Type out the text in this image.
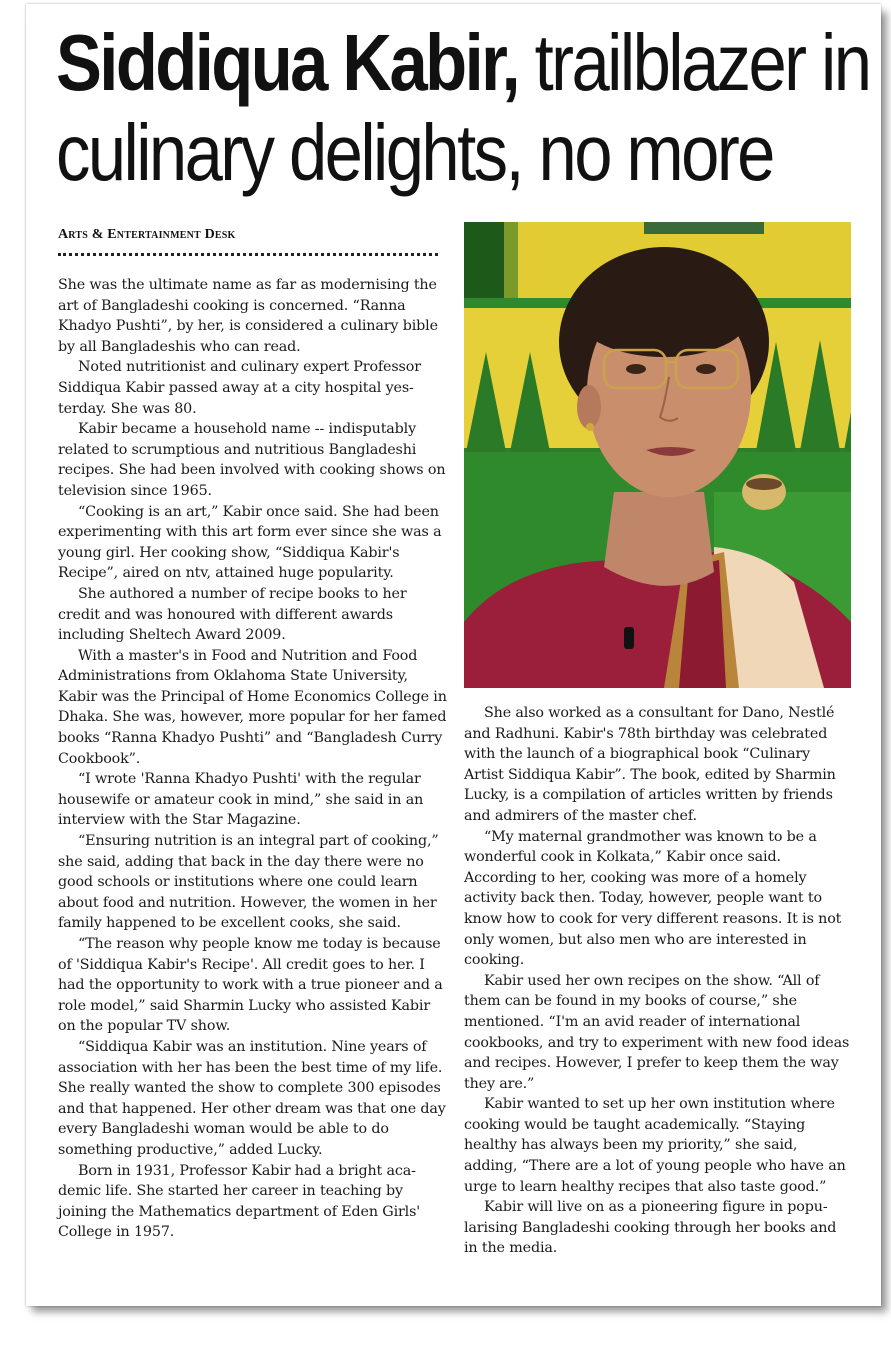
Siddiqua Kabir, trailblazer in culinary delights, no more
Arts & Entertainment Desk

She was the ultimate name as far as modernising the art of Bangladeshi cooking is concerned. “Ranna Khadyo Pushti”, by her, is considered a culinary bible by all Bangladeshis who can read.

Noted nutritionist and culinary expert Professor Siddiqua Kabir passed away at a city hospital yesterday. She was 80.

Kabir became a household name -- indisputably related to scrumptious and nutritious Bangladeshi recipes. She had been involved with cooking shows on television since 1965.

“Cooking is an art,” Kabir once said. She had been experimenting with this art form ever since she was a young girl. Her cooking show, “Siddiqua Kabir's Recipe”, aired on ntv, attained huge popularity.

She authored a number of recipe books to her credit and was honoured with different awards including Sheltech Award 2009.

With a master's in Food and Nutrition and Food Administrations from Oklahoma State University, Kabir was the Principal of Home Economics College in Dhaka. She was, however, more popular for her famed books “Ranna Khadyo Pushti” and “Bangladesh Curry Cookbook”.

“I wrote 'Ranna Khadyo Pushti' with the regular housewife or amateur cook in mind,” she said in an interview with the Star Magazine.

“Ensuring nutrition is an integral part of cooking,” she said, adding that back in the day there were no good schools or institutions where one could learn about food and nutrition. However, the women in her family happened to be excellent cooks, she said.

“The reason why people know me today is because of 'Siddiqua Kabir's Recipe'. All credit goes to her. I had the opportunity to work with a true pioneer and a role model,” said Sharmin Lucky who assisted Kabir on the popular TV show.

“Siddiqua Kabir was an institution. Nine years of association with her has been the best time of my life. She really wanted the show to complete 300 episodes and that happened. Her other dream was that one day every Bangladeshi woman would be able to do something productive,” added Lucky.

Born in 1931, Professor Kabir had a bright academic life. She started her career in teaching by joining the Mathematics department of Eden Girls' College in 1957.

She also worked as a consultant for Dano, Nestlé and Radhuni. Kabir's 78th birthday was celebrated with the launch of a biographical book “Culinary Artist Siddiqua Kabir”. The book, edited by Sharmin Lucky, is a compilation of articles written by friends and admirers of the master chef.

“My maternal grandmother was known to be a wonderful cook in Kolkata,” Kabir once said. According to her, cooking was more of a homely activity back then. Today, however, people want to know how to cook for very different reasons. It is not only women, but also men who are interested in cooking.

Kabir used her own recipes on the show. “All of them can be found in my books of course,” she mentioned. “I'm an avid reader of international cookbooks, and try to experiment with new food ideas and recipes. However, I prefer to keep them the way they are.”

Kabir wanted to set up her own institution where cooking would be taught academically. “Staying healthy has always been my priority,” she said, adding, “There are a lot of young people who have an urge to learn healthy recipes that also taste good.”

Kabir will live on as a pioneering figure in popularising Bangladeshi cooking through her books and in the media.
